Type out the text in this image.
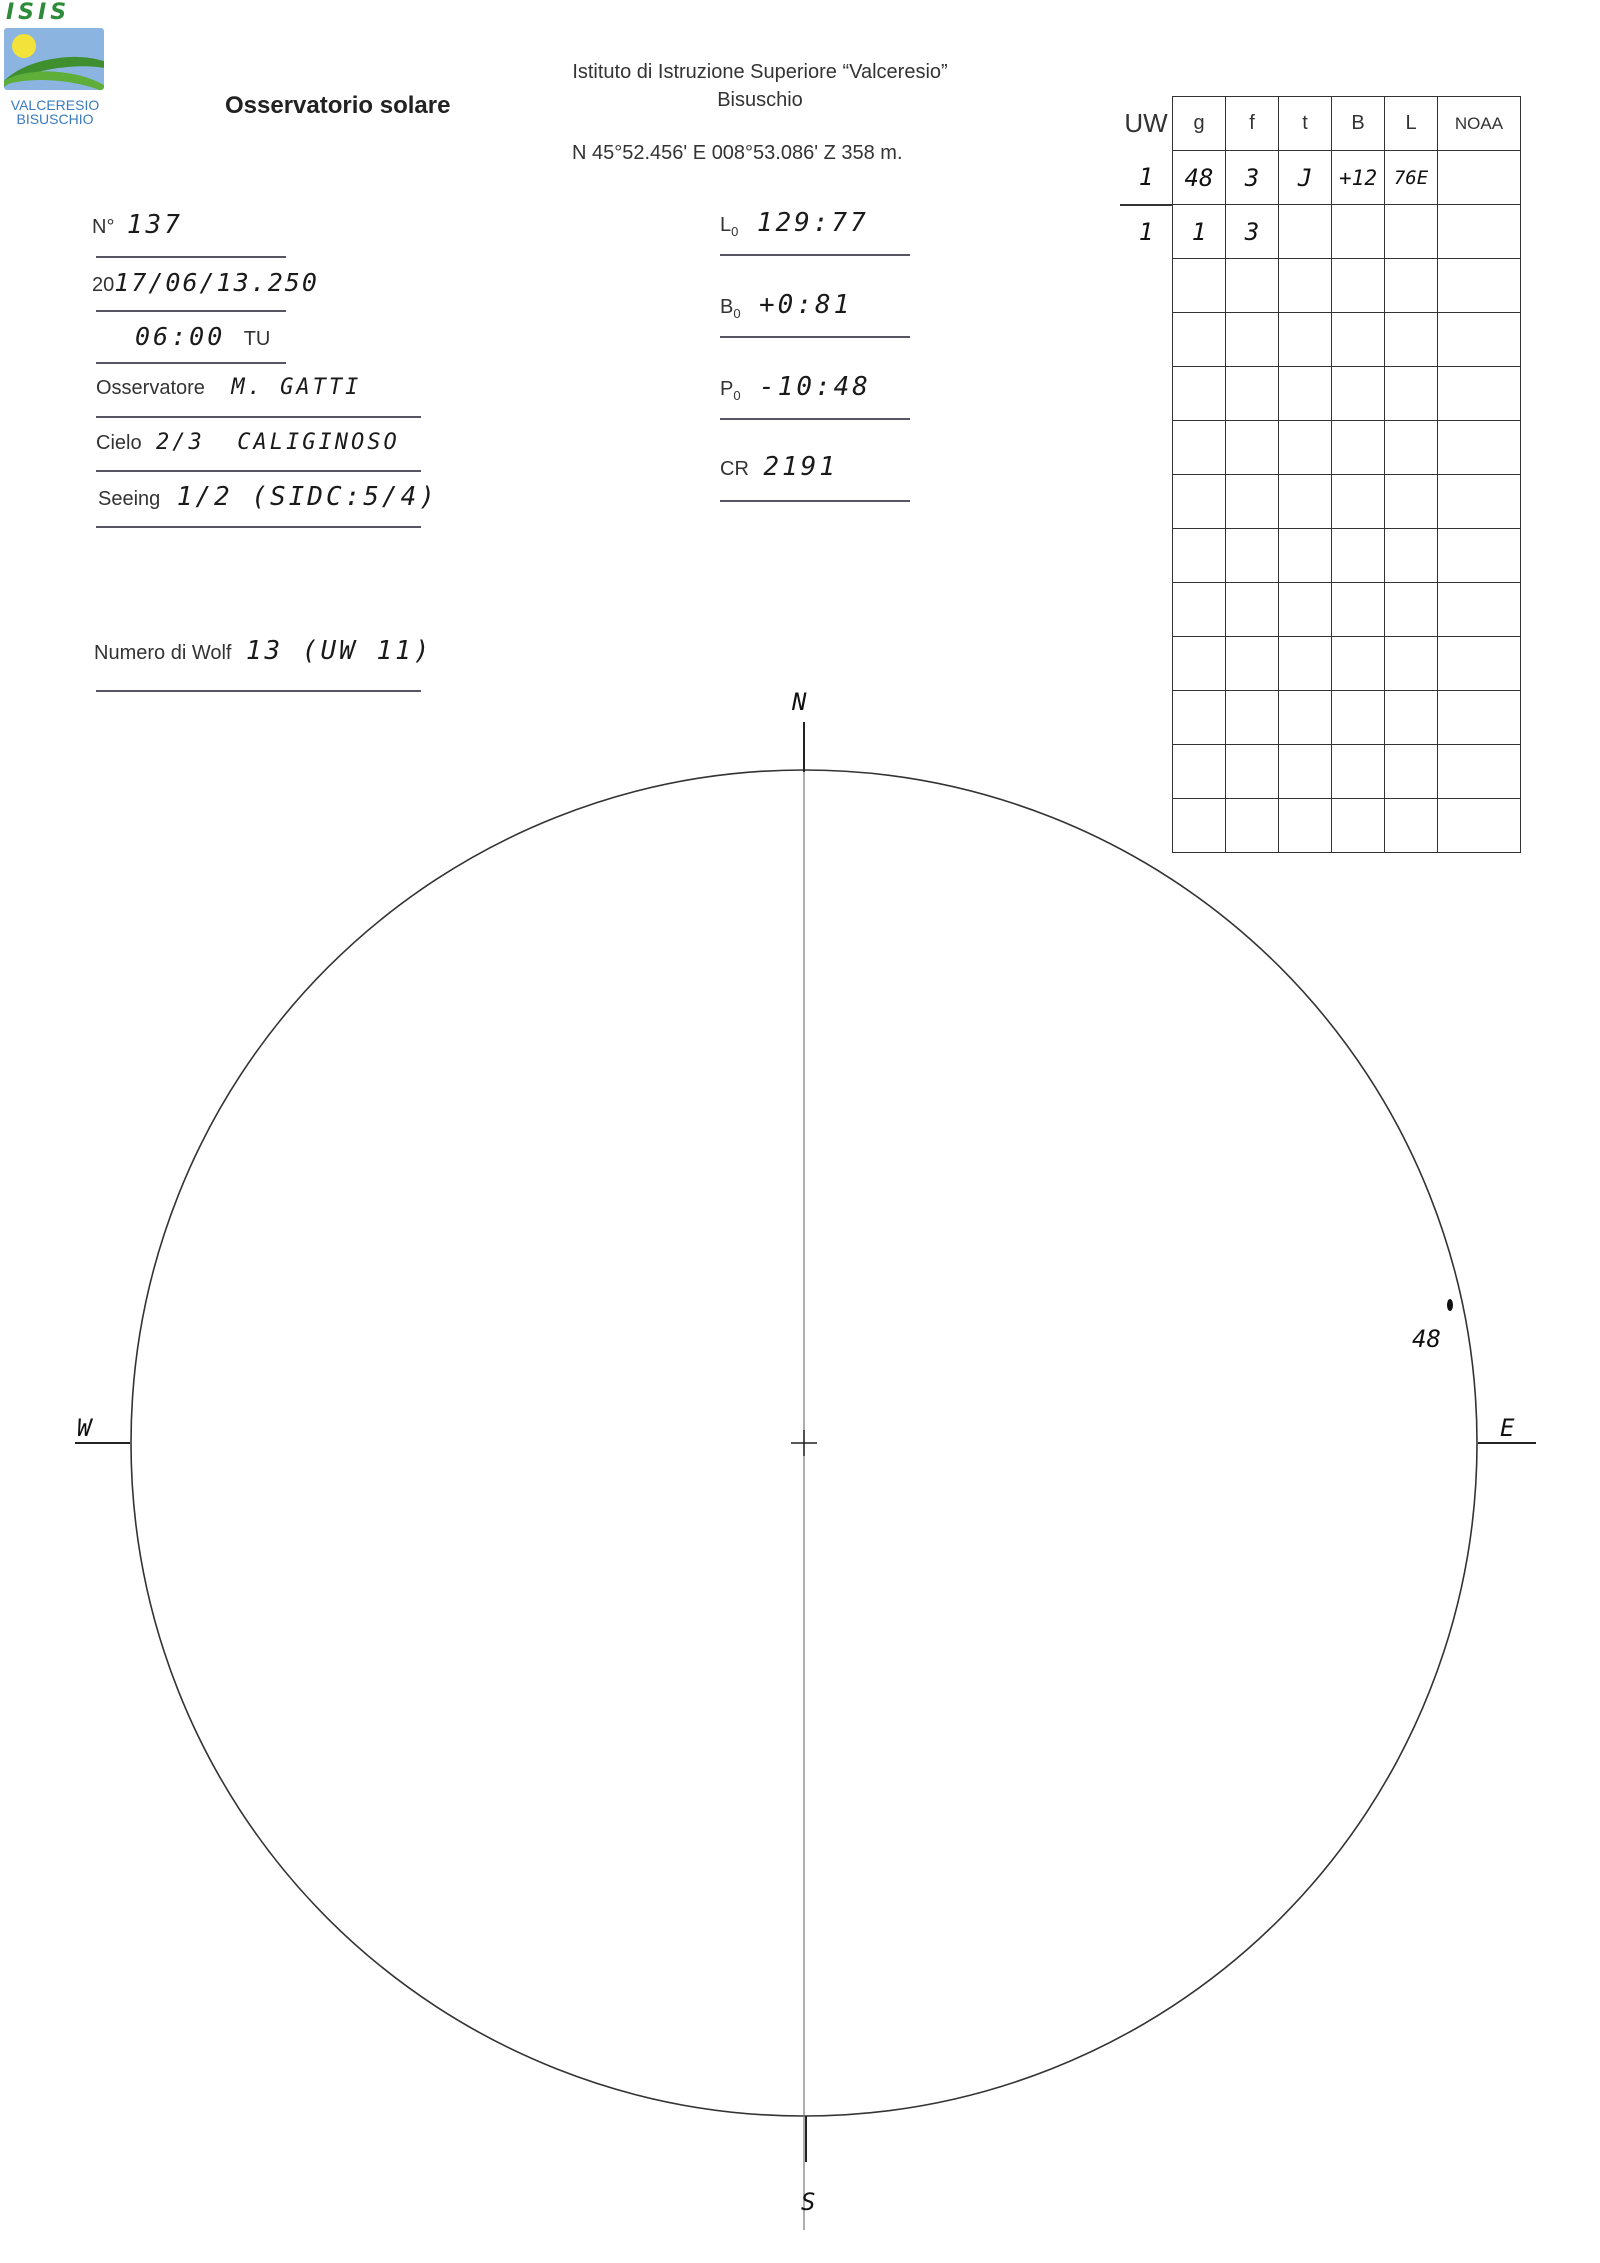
ISIS
VALCERESIO
BISUSCHIO	Osservatorio solare
Istituto di Istruzione Superiore “Valceresio”
Bisuschio
N 45°52.456' E 008°53.086' Z 358 m.
N° 137
2017/06/13.250
06:00 TU
Osservatore M. GATTI
Cielo 2/3  CALIGINOSO
Seeing 1/2 (SIDC:5/4)
Numero di Wolf 13 (UW 11)
$L_0$ 129:77
$B_0$ +0:81
$P_0$ -10:48
CR 2191
UW	g	f	t	B	L	NOAA
1	48	3	J	+12	76E	
1	1	3				

N
S
E
W
48
